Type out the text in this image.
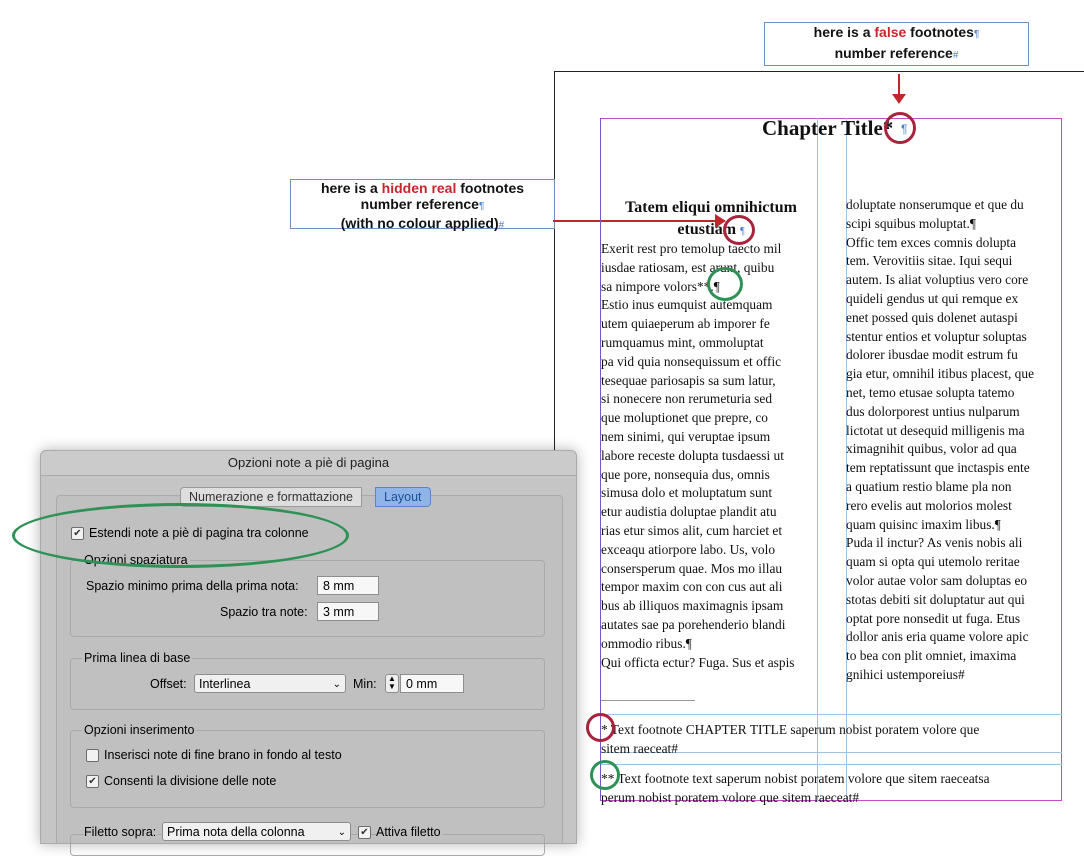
here is a false footnotes¶
number reference#
here is a hidden real footnotes
number reference¶
(with no colour applied)#
Chapter Title* ¶
Tatem eliqui omnihictum
etustiam ¶
Exerit rest pro temolup taecto mil
iusdae ratiosam, est arunt, quibu
sa nimpore volors**.¶
Estio inus eumquist autemquam
utem quiaeperum ab imporer fe
rumquamus mint, ommoluptat
pa vid quia nonsequissum et offic
tesequae pariosapis sa sum latur,
si nonecere non rerumeturia sed
que moluptionet que prepre, co
nem sinimi, qui veruptae ipsum
labore receste dolupta tusdaessi ut
que pore, nonsequia dus, omnis
simusa dolo et moluptatum sunt
etur audistia doluptae plandit atu
rias etur simos alit, cum harciet et
exceaqu atiorpore labo. Us, volo
consersperum quae. Mos mo illau
tempor maxim con con cus aut ali
bus ab illiquos maximagnis ipsam
autates sae pa porehenderio blandi
ommodio ribus.¶
Qui officta ectur? Fuga. Sus et aspis
doluptate nonserumque et que du
scipi squibus moluptat.¶
Offic tem exces comnis dolupta
tem. Verovitiis sitae. Iqui sequi
autem. Is aliat voluptius vero core
quideli gendus ut qui remque ex
enet possed quis dolenet autaspi
stentur entios et voluptur soluptas
dolorer ibusdae modit estrum fu
gia etur, omnihil itibus placest, que
net, temo etusae solupta tatemo
dus dolorporest untius nulparum
lictotat ut desequid milligenis ma
ximagnihit quibus, volor ad qua
tem reptatissunt que inctaspis ente
a quatium restio blame pla non
rero evelis aut molorios molest
quam quisinc imaxim libus.¶
Puda il inctur? As venis nobis ali
quam si opta qui utemolo reritae
volor autae volor sam doluptas eo
stotas debiti sit doluptatur aut qui
optat pore nonsedit ut fuga. Etus
dollor anis eria quame volore apic
to bea con plit omniet, imaxima
gnihici ustemporeius#
* Text footnote CHAPTER TITLE saperum nobist poratem volore que
sitem raeceat#
** Text footnote text saperum nobist poratem volore que sitem raeceatsa
perum nobist poratem volore que sitem raeceat#
Opzioni note a piè di pagina
Numerazione e formattazione	Layout
✔ Estendi note a piè di pagina tra colonne
Opzioni spaziatura
Spazio minimo prima della prima nota:	8 mm
Spazio tra note:	3 mm
Prima linea di base
Offset: Interlinea	⌄ Min:	▲
▼ 0 mm
Opzioni inserimento
Inserisci note di fine brano in fondo al testo
✔ Consenti la divisione delle note
Filetto sopra: Prima nota della colonna	⌄ ✔ Attiva filetto
